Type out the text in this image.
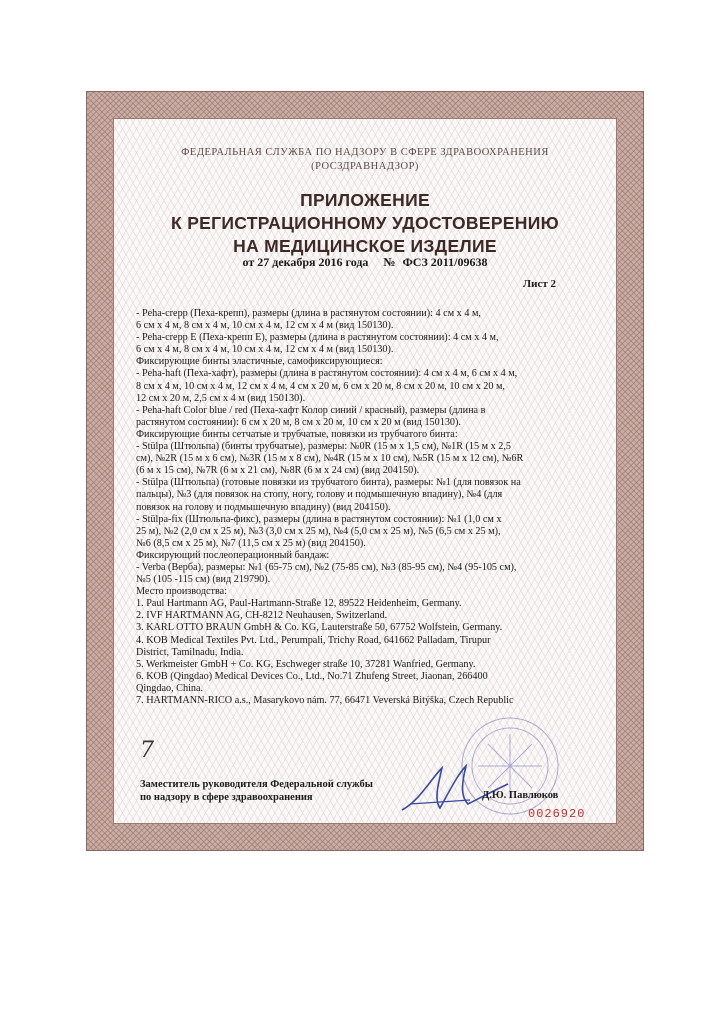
ФЕДЕРАЛЬНАЯ СЛУЖБА ПО НАДЗОРУ В СФЕРЕ ЗДРАВООХРАНЕНИЯ
(РОСЗДРАВНАДЗОР)
ПРИЛОЖЕНИЕ
К РЕГИСТРАЦИОННОМУ УДОСТОВЕРЕНИЮ
НА МЕДИЦИНСКОЕ ИЗДЕЛИЕ
от 27 декабря 2016 года № ФСЗ 2011/09638
Лист 2
- Peha-crepp (Пеха-крепп), размеры (длина в растянутом состоянии): 4 см х 4 м,
6 см х 4 м, 8 см х 4 м, 10 см х 4 м, 12 см х 4 м (вид 150130).
- Peha-crepp E (Пеха-крепп E), размеры (длина в растянутом состоянии): 4 см х 4 м,
6 см х 4 м, 8 см х 4 м, 10 см х 4 м, 12 см х 4 м (вид 150130).
Фиксирующие бинты эластичные, самофиксирующиеся:
- Peha-haft (Пеха-хафт), размеры (длина в растянутом состоянии): 4 см х 4 м, 6 см х 4 м,
8 см х 4 м, 10 см х 4 м, 12 см х 4 м, 4 см х 20 м, 6 см х 20 м, 8 см х 20 м, 10 см х 20 м,
12 см х 20 м, 2,5 см х 4 м (вид 150130).
- Peha-haft Color blue / red (Пеха-хафт Колор синий / красный), размеры (длина в
растянутом состоянии): 6 см х 20 м, 8 см х 20 м, 10 см х 20 м (вид 150130).
Фиксирующие бинты сетчатые и трубчатые, повязки из трубчатого бинта:
- Stülpa (Штюльпа) (бинты трубчатые), размеры: №0R (15 м х 1,5 см), №1R (15 м х 2,5
см), №2R (15 м х 6 см), №3R (15 м х 8 см), №4R (15 м х 10 см), №5R (15 м х 12 см), №6R
(6 м х 15 см), №7R (6 м х 21 см), №8R (6 м х 24 см) (вид 204150).
- Stülpa (Штюльпа) (готовые повязки из трубчатого бинта), размеры: №1 (для повязок на
пальцы), №3 (для повязок на стопу, ногу, голову и подмышечную впадину), №4 (для
повязок на голову и подмышечную впадину) (вид 204150).
- Stülpa-fix (Штюльпа-фикс), размеры (длина в растянутом состоянии): №1 (1,0 см х
25 м), №2 (2,0 см х 25 м), №3 (3,0 см х 25 м), №4 (5,0 см х 25 м), №5 (6,5 см х 25 м),
№6 (8,5 см х 25 м), №7 (11,5 см х 25 м) (вид 204150).
Фиксирующий послеоперационный бандаж:
- Verba (Верба), размеры: №1 (65-75 см), №2 (75-85 см), №3 (85-95 см), №4 (95-105 см),
№5 (105 -115 см) (вид 219790).
Место производства:
1. Paul Hartmann AG, Paul-Hartmann-Straße 12, 89522 Heidenheim, Germany.
2. IVF HARTMANN AG, CH-8212 Neuhausen, Switzerland.
3. KARL OTTO BRAUN GmbH & Co. KG, Lauterstraße 50, 67752 Wolfstein, Germany.
4. KOB Medical Textiles Pvt. Ltd., Perumpali, Trichy Road, 641662 Palladam, Tirupur
District, Tamilnadu, India.
5. Werkmeister GmbH + Co. KG, Eschweger straße 10, 37281 Wanfried, Germany.
6. KOB (Qingdao) Medical Devices Co., Ltd., No.71 Zhufeng Street, Jiaonan, 266400
Qingdao, China.
7. HARTMANN-RICO a.s., Masarykovo nám. 77, 66471 Veverská Bitýška, Czech Republic
7
Заместитель руководителя Федеральной службы
по надзору в сфере здравоохранения	Д.Ю. Павлюков
0026920
